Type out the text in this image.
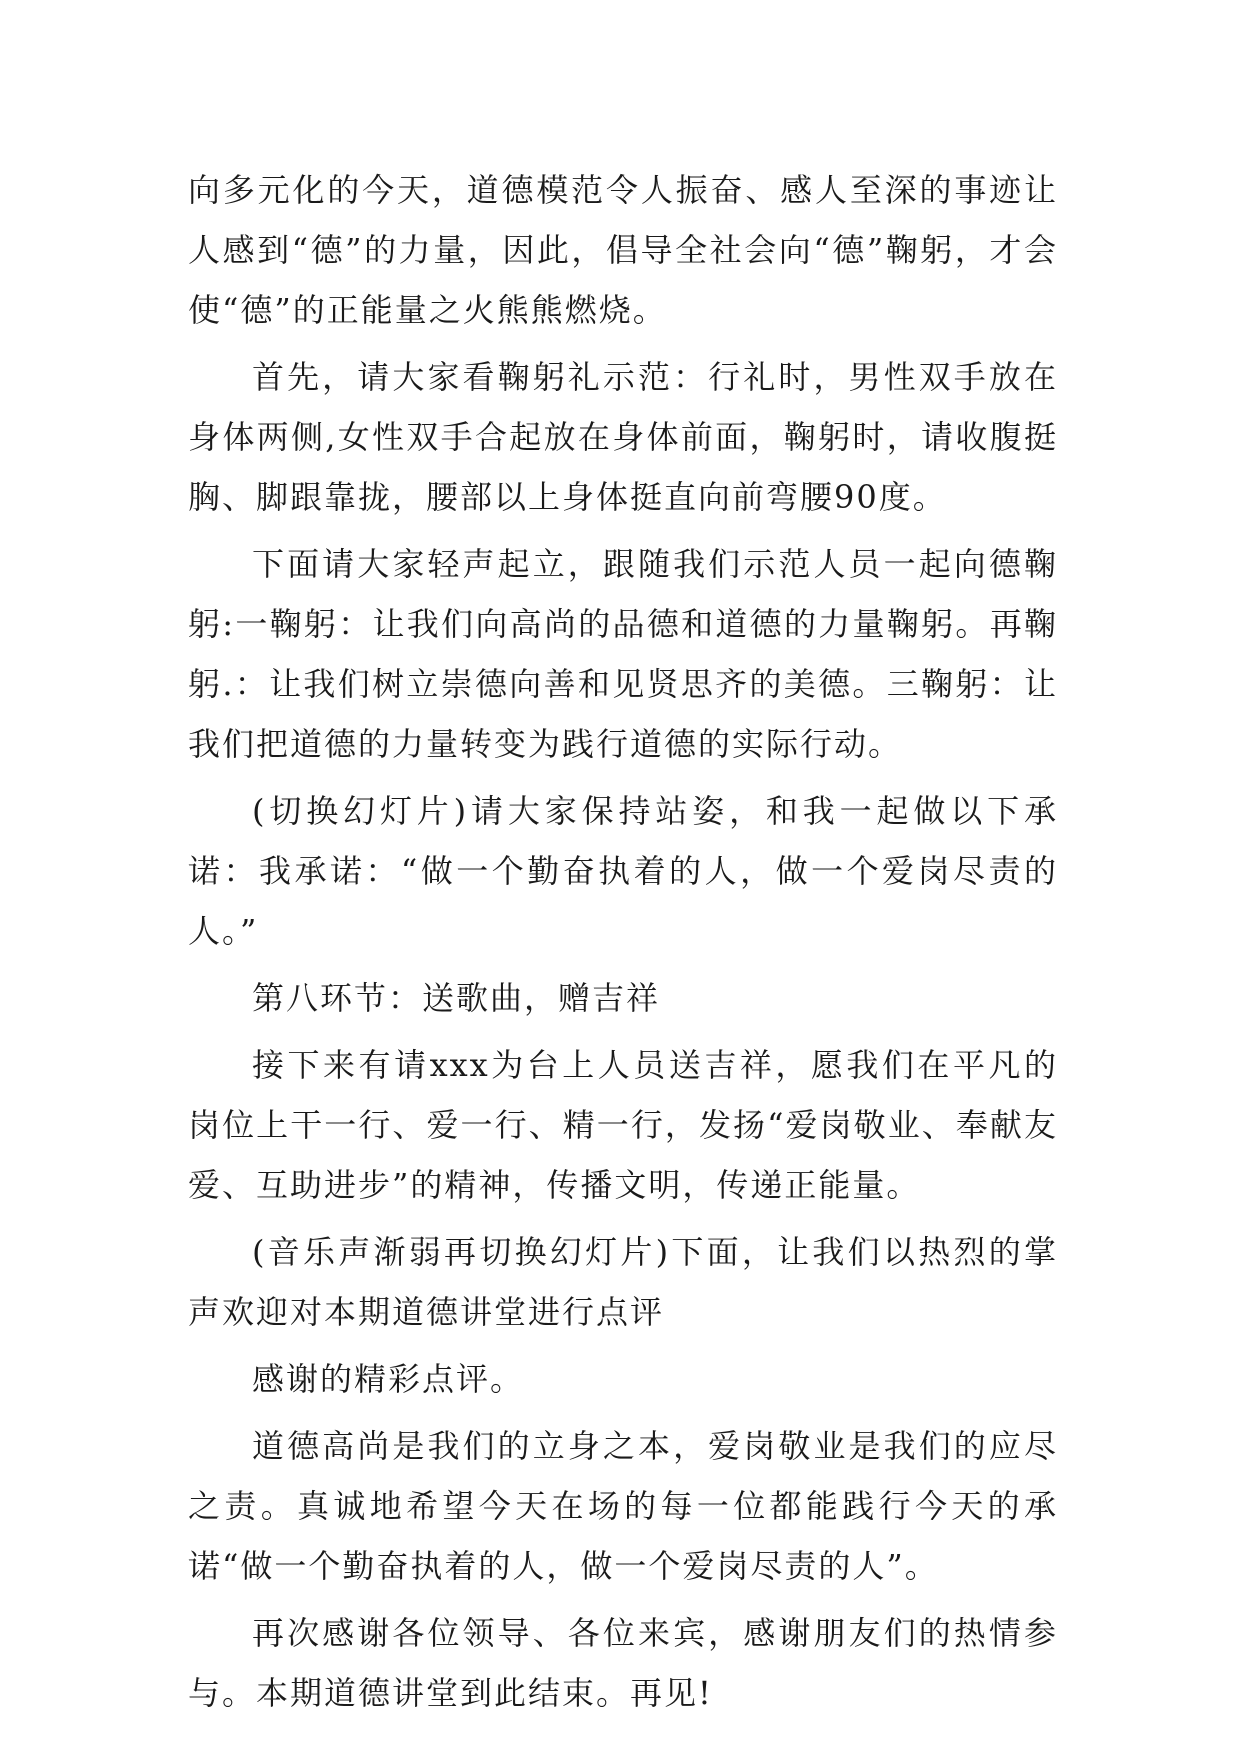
向多元化的今天，道德模范令人振奋、感人至深的事迹让人感到“德”的力量，因此，倡导全社会向“德”鞠躬，才会使“德”的正能量之火熊熊燃烧。

首先，请大家看鞠躬礼示范：行礼时，男性双手放在身体两侧,女性双手合起放在身体前面，鞠躬时，请收腹挺胸、脚跟靠拢，腰部以上身体挺直向前弯腰90度。

下面请大家轻声起立，跟随我们示范人员一起向德鞠躬:一鞠躬：让我们向高尚的品德和道德的力量鞠躬。再鞠躬.：让我们树立崇德向善和见贤思齐的美德。三鞠躬：让我们把道德的力量转变为践行道德的实际行动。

(切换幻灯片)请大家保持站姿，和我一起做以下承诺：我承诺：“做一个勤奋执着的人，做一个爱岗尽责的人。”

第八环节：送歌曲，赠吉祥

接下来有请xxx为台上人员送吉祥，愿我们在平凡的岗位上干一行、爱一行、精一行，发扬“爱岗敬业、奉献友爱、互助进步”的精神，传播文明，传递正能量。

(音乐声渐弱再切换幻灯片)下面，让我们以热烈的掌声欢迎对本期道德讲堂进行点评

感谢的精彩点评。

道德高尚是我们的立身之本，爱岗敬业是我们的应尽之责。真诚地希望今天在场的每一位都能践行今天的承诺“做一个勤奋执着的人，做一个爱岗尽责的人”。

再次感谢各位领导、各位来宾，感谢朋友们的热情参与。本期道德讲堂到此结束。再见!
